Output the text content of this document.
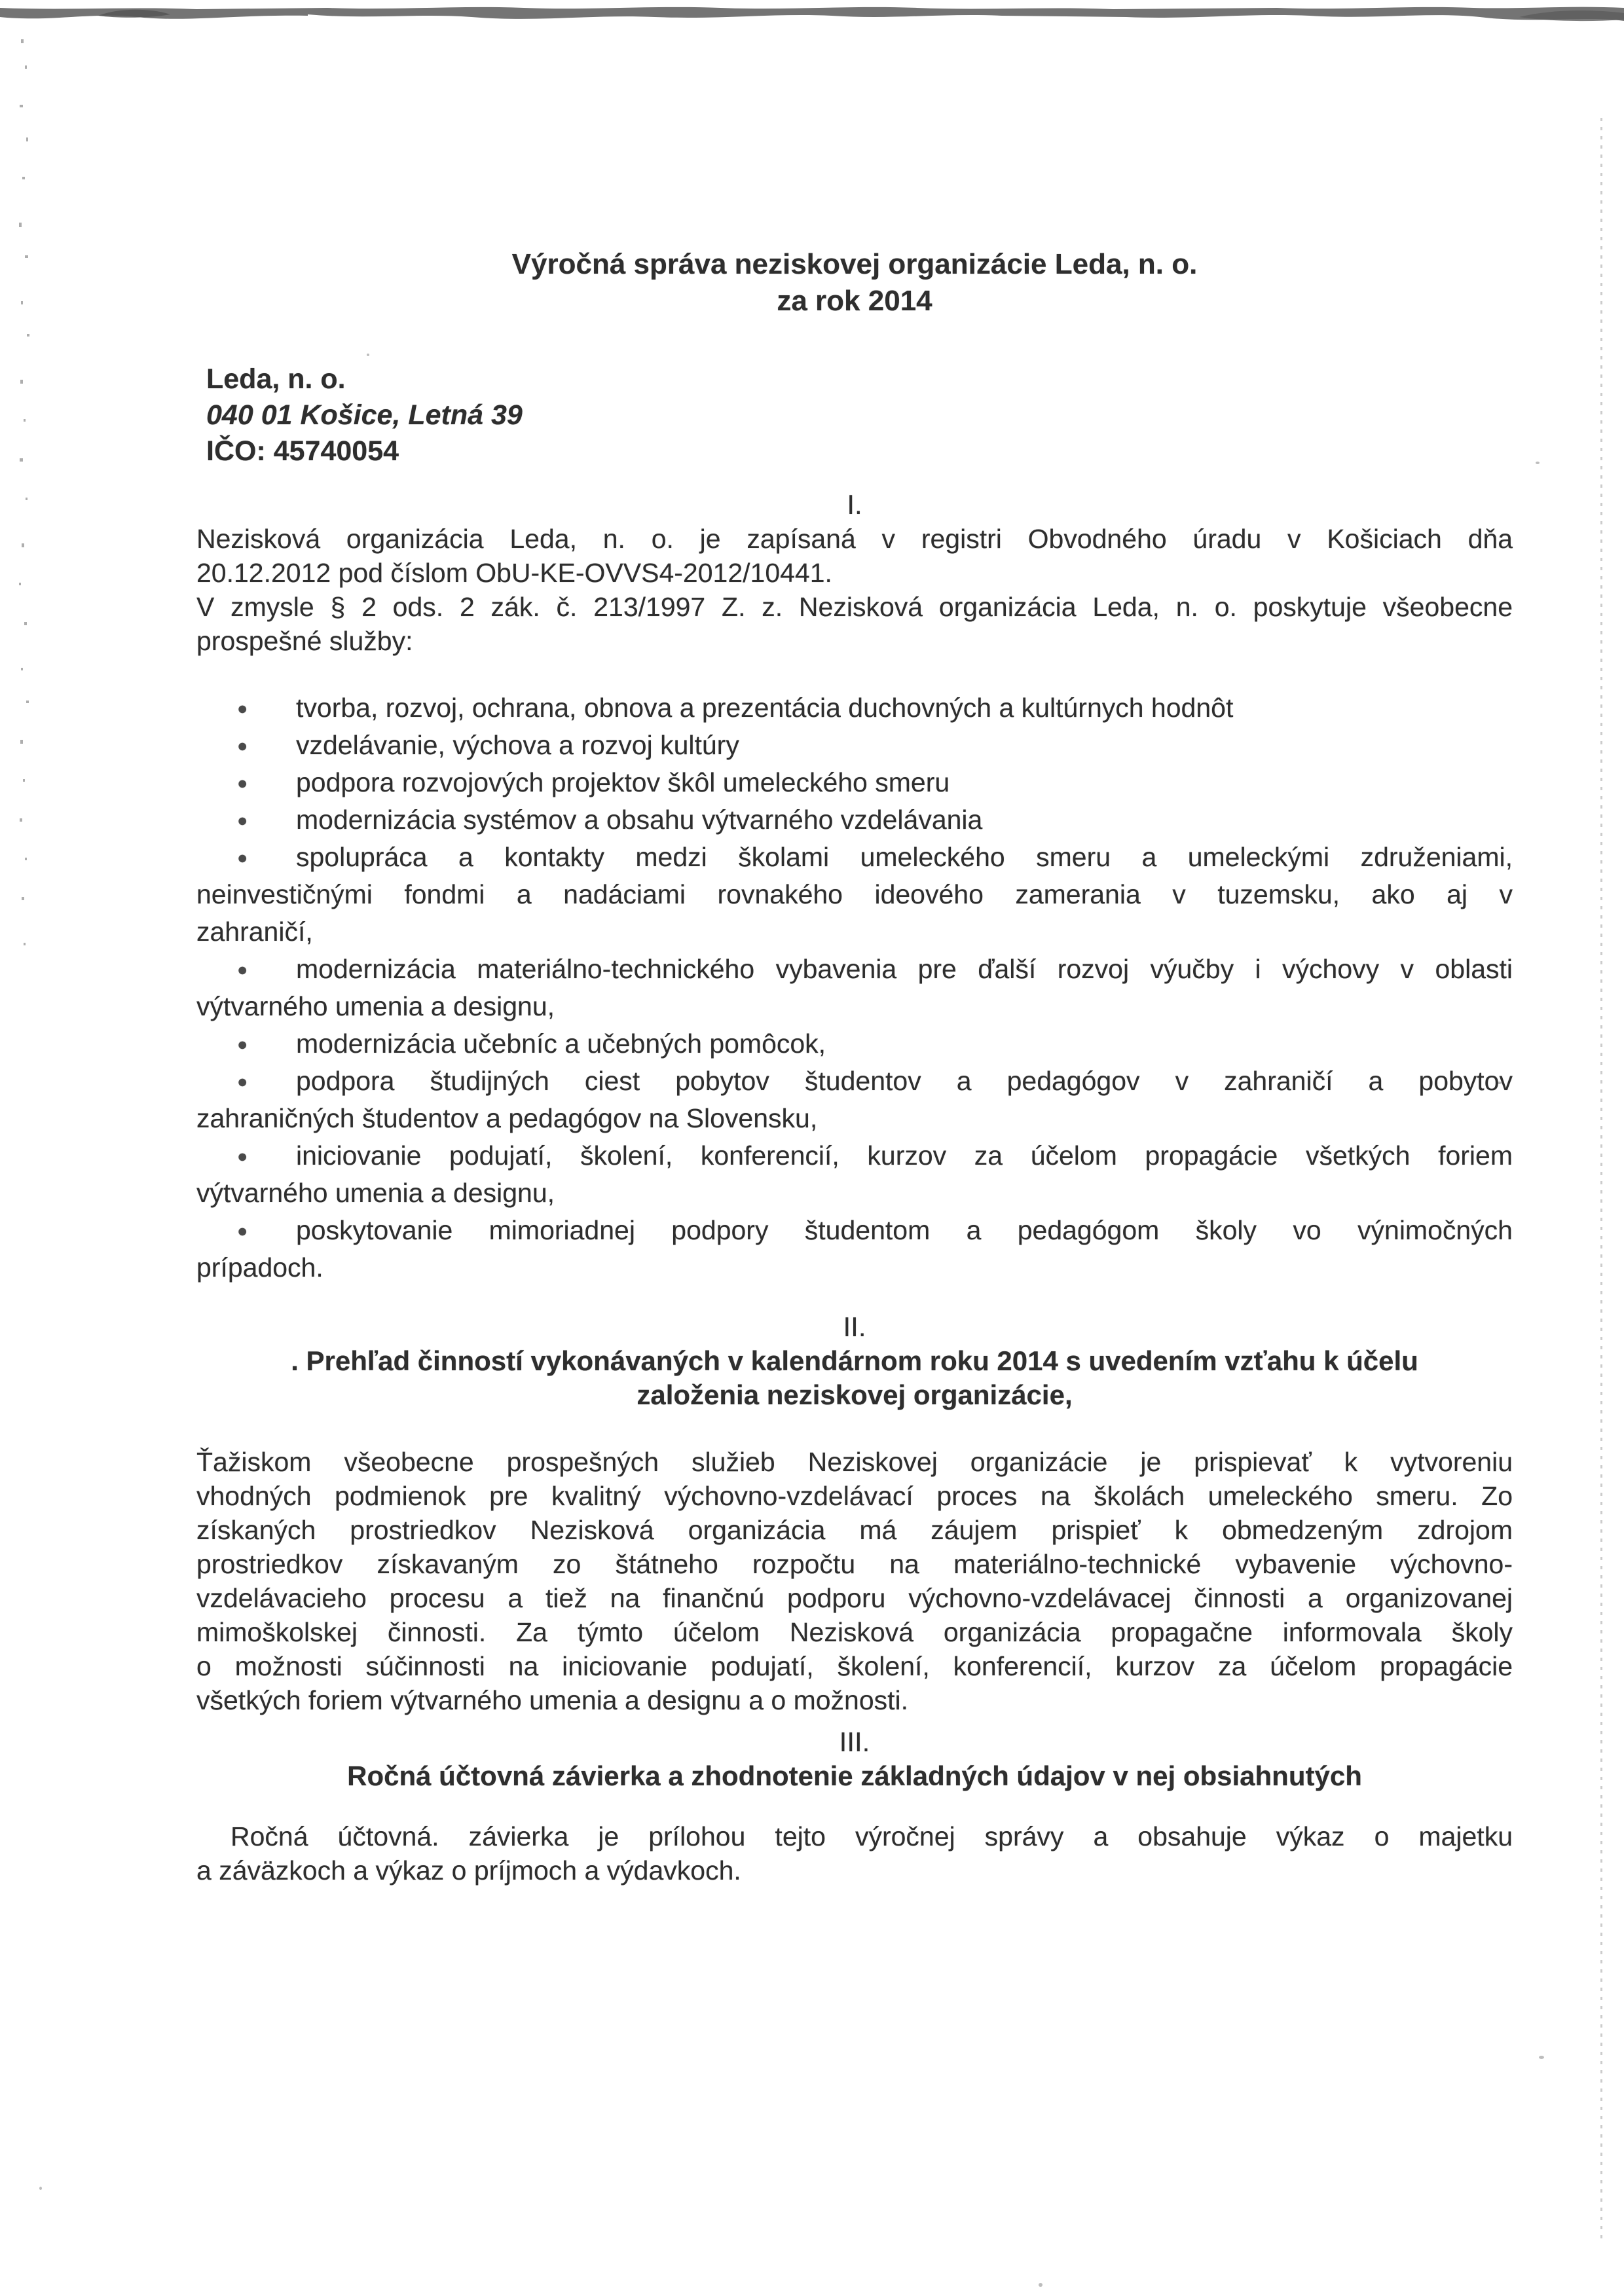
Výročná správa neziskovej organizácie Leda, n. o.
za rok 2014
Leda, n. o.
040 01 Košice, Letná 39
IČO: 45740054
I.
Nezisková organizácia Leda, n. o. je zapísaná v registri Obvodného úradu v Košiciach dňa
20.12.2012 pod číslom ObU-KE-OVVS4-2012/10441.
V zmysle § 2 ods. 2 zák. č. 213/1997 Z. z. Nezisková organizácia Leda, n. o. poskytuje všeobecne
prospešné služby:
● tvorba, rozvoj, ochrana, obnova a prezentácia duchovných a kultúrnych hodnôt
● vzdelávanie, výchova a rozvoj kultúry
● podpora rozvojových projektov škôl umeleckého smeru
● modernizácia systémov a obsahu výtvarného vzdelávania
● spolupráca a kontakty medzi školami umeleckého smeru a umeleckými združeniami,
neinvestičnými fondmi a nadáciami rovnakého ideového zamerania v tuzemsku, ako aj v
zahraničí,
● modernizácia materiálno-technického vybavenia pre ďalší rozvoj výučby i výchovy v oblasti
výtvarného umenia a designu,
● modernizácia učebníc a učebných pomôcok,
● podpora študijných ciest pobytov študentov a pedagógov v zahraničí a pobytov
zahraničných študentov a pedagógov na Slovensku,
● iniciovanie podujatí, školení, konferencií, kurzov za účelom propagácie všetkých foriem
výtvarného umenia a designu,
● poskytovanie mimoriadnej podpory študentom a pedagógom školy vo výnimočných
prípadoch.
II.
. Prehľad činností vykonávaných v kalendárnom roku 2014 s uvedením vzťahu k účelu
založenia neziskovej organizácie,
Ťažiskom všeobecne prospešných služieb Neziskovej organizácie je prispievať k vytvoreniu
vhodných podmienok pre kvalitný výchovno-vzdelávací proces na školách umeleckého smeru. Zo
získaných prostriedkov Nezisková organizácia má záujem prispieť k obmedzeným zdrojom
prostriedkov získavaným zo štátneho rozpočtu na materiálno-technické vybavenie výchovno-
vzdelávacieho procesu a tiež na finančnú podporu výchovno-vzdelávacej činnosti a organizovanej
mimoškolskej činnosti. Za týmto účelom Nezisková organizácia propagačne informovala školy
o možnosti súčinnosti na iniciovanie podujatí, školení, konferencií, kurzov za účelom propagácie
všetkých foriem výtvarného umenia a designu a o možnosti.
III.
Ročná účtovná závierka a zhodnotenie základných údajov v nej obsiahnutých
Ročná účtovná. závierka je prílohou tejto výročnej správy a obsahuje výkaz o majetku
a záväzkoch a výkaz o príjmoch a výdavkoch.
